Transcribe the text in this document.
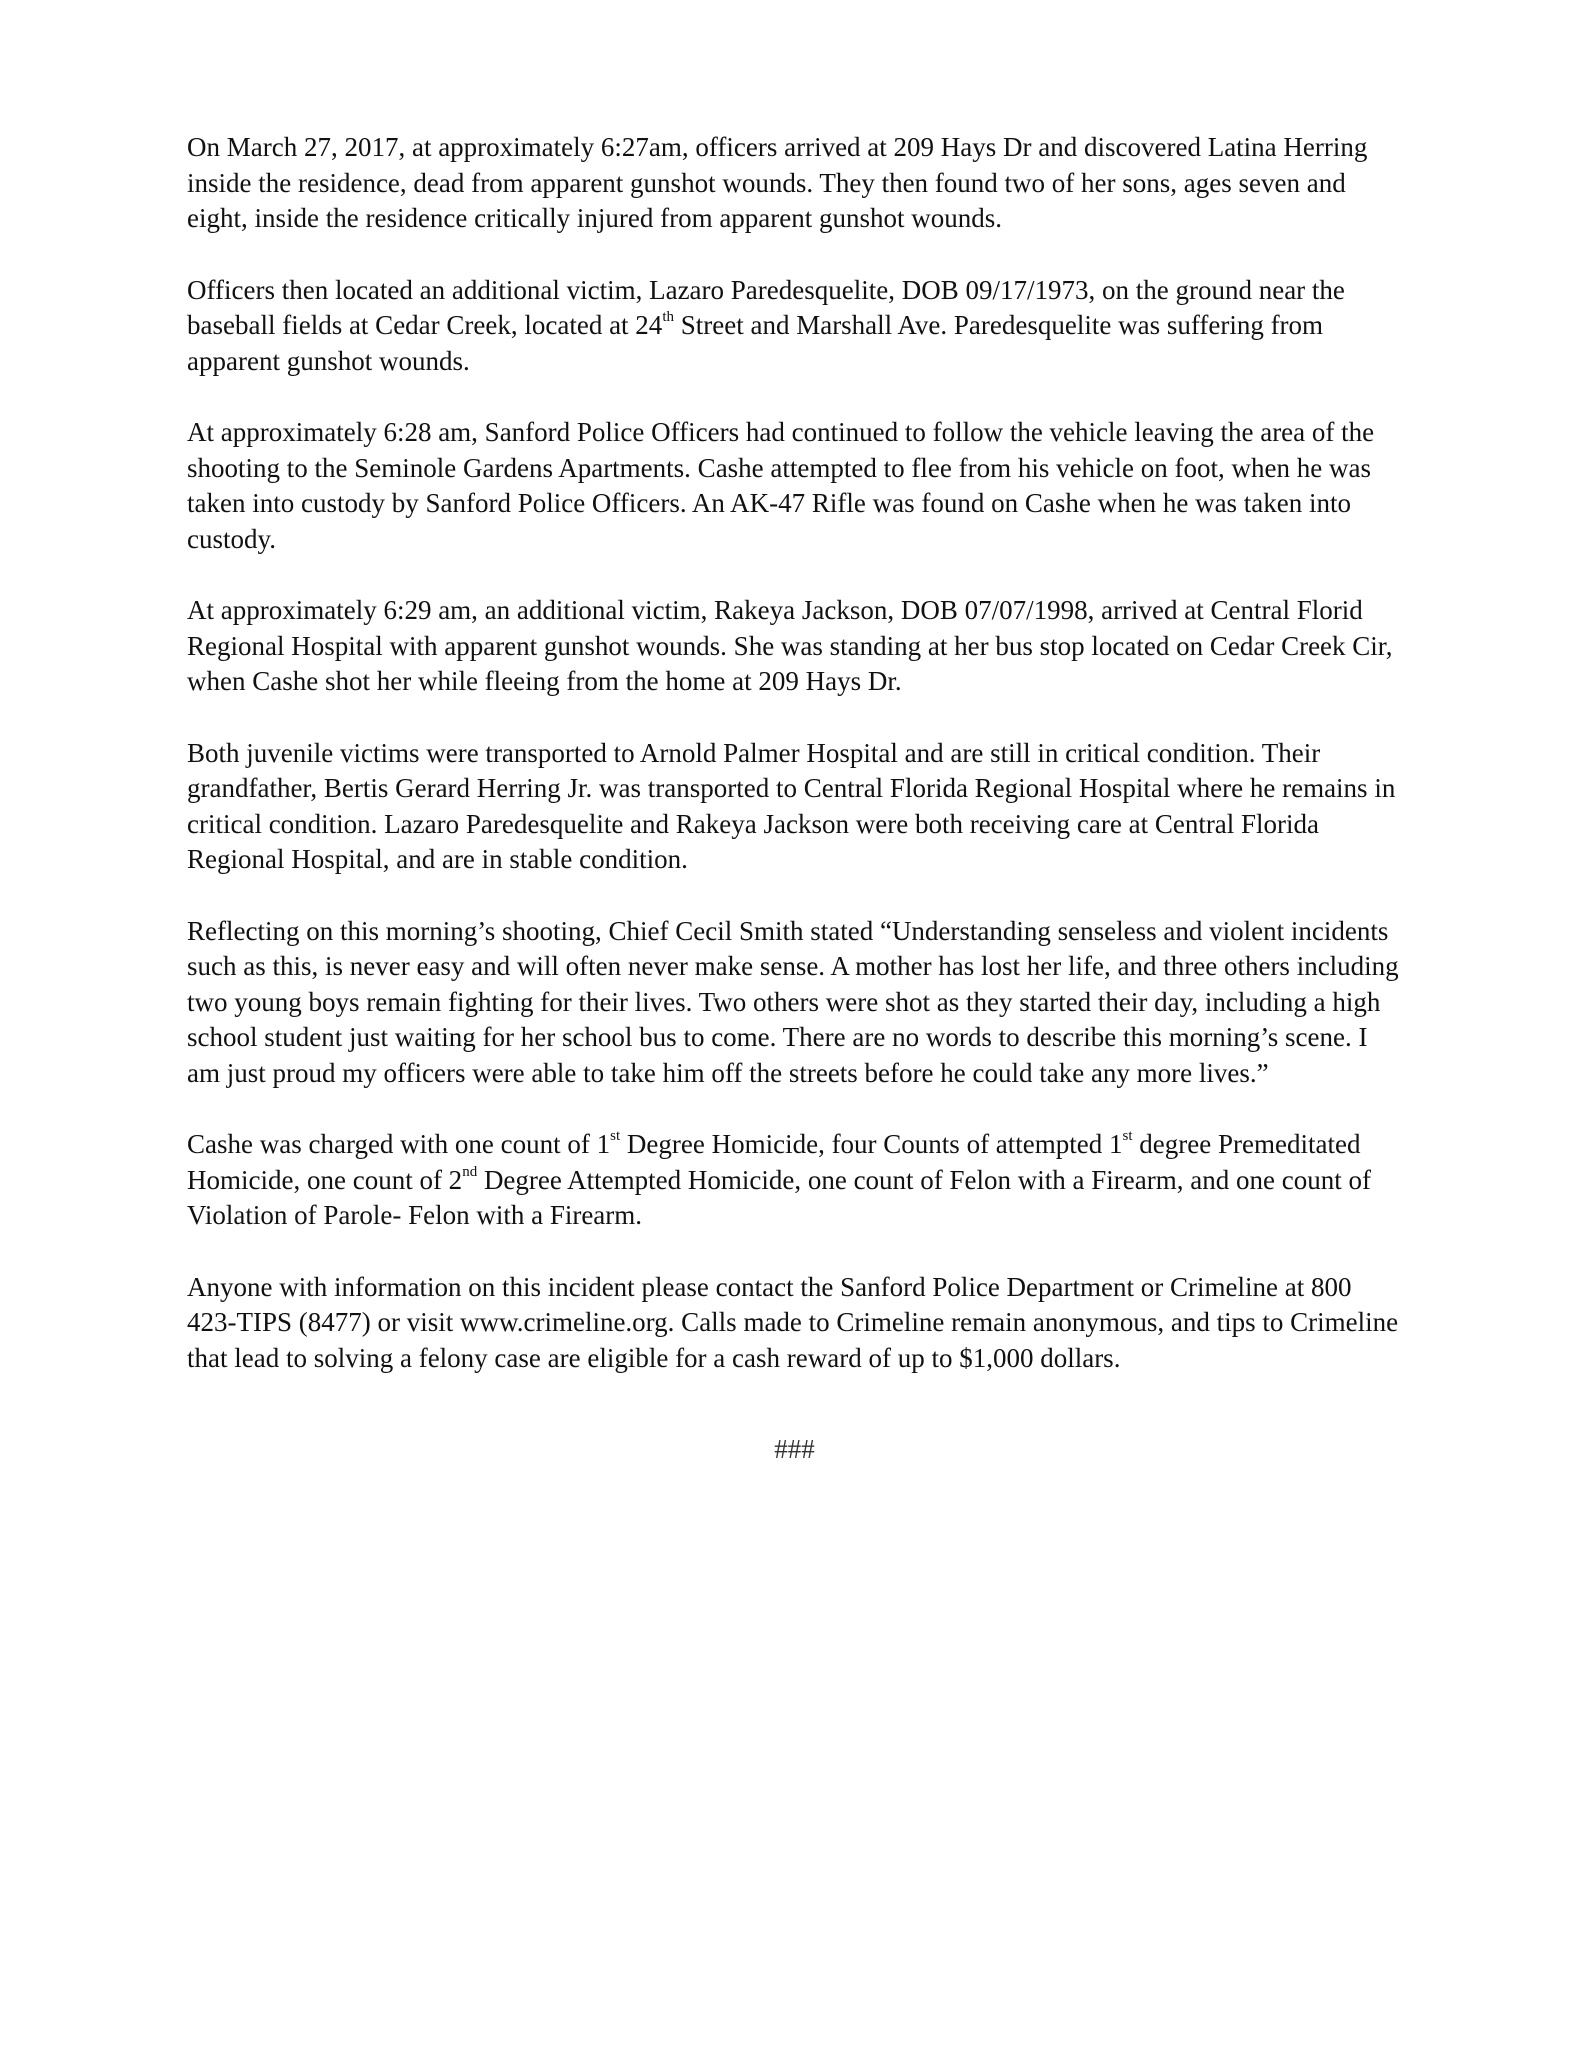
On March 27, 2017, at approximately 6:27am, officers arrived at 209 Hays Dr and discovered Latina Herring inside the residence, dead from apparent gunshot wounds. They then found two of her sons, ages seven and eight, inside the residence critically injured from apparent gunshot wounds.

Officers then located an additional victim, Lazaro Paredesquelite, DOB 09/17/1973, on the ground near the baseball fields at Cedar Creek, located at 24th Street and Marshall Ave. Paredesquelite was suffering from apparent gunshot wounds.

At approximately 6:28 am, Sanford Police Officers had continued to follow the vehicle leaving the area of the shooting to the Seminole Gardens Apartments. Cashe attempted to flee from his vehicle on foot, when he was taken into custody by Sanford Police Officers. An AK-47 Rifle was found on Cashe when he was taken into custody.

At approximately 6:29 am, an additional victim, Rakeya Jackson, DOB 07/07/1998, arrived at Central Florid Regional Hospital with apparent gunshot wounds. She was standing at her bus stop located on Cedar Creek Cir, when Cashe shot her while fleeing from the home at 209 Hays Dr.

Both juvenile victims were transported to Arnold Palmer Hospital and are still in critical condition. Their grandfather, Bertis Gerard Herring Jr. was transported to Central Florida Regional Hospital where he remains in critical condition. Lazaro Paredesquelite and Rakeya Jackson were both receiving care at Central Florida Regional Hospital, and are in stable condition.

Reflecting on this morning’s shooting, Chief Cecil Smith stated “Understanding senseless and violent incidents such as this, is never easy and will often never make sense. A mother has lost her life, and three others including two young boys remain fighting for their lives. Two others were shot as they started their day, including a high school student just waiting for her school bus to come. There are no words to describe this morning’s scene. I am just proud my officers were able to take him off the streets before he could take any more lives.”

Cashe was charged with one count of 1st Degree Homicide, four Counts of attempted 1st degree Premeditated Homicide, one count of 2nd Degree Attempted Homicide, one count of Felon with a Firearm, and one count of Violation of Parole- Felon with a Firearm.

Anyone with information on this incident please contact the Sanford Police Department or Crimeline at 800 423-TIPS (8477) or visit www.crimeline.org. Calls made to Crimeline remain anonymous, and tips to Crimeline that lead to solving a felony case are eligible for a cash reward of up to $1,000 dollars.

###
